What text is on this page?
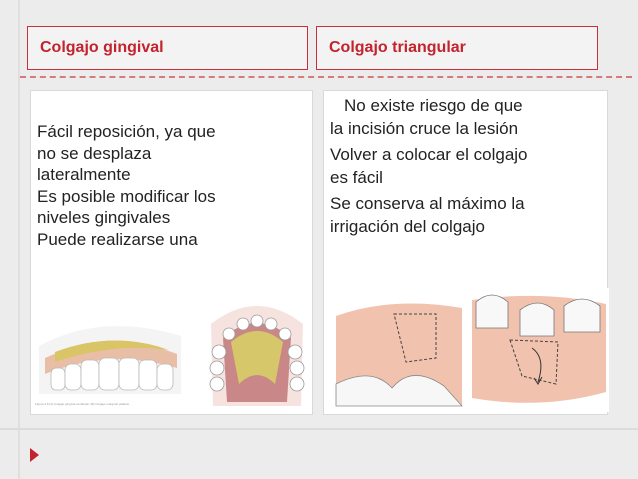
Colgajo gingival	Colgajo triangular
Fácil reposición, ya que
no se desplaza
lateralmente
Es posible modificar los
niveles gingivales
Puede realizarse una
Figura 4.8 (A) Colgajo gingival vestibular. (B) Colgajo marginal palatino.
No existe riesgo de que
la incisión cruce la lesión
Volver a colocar el colgajo
es fácil
Se conserva al máximo la
irrigación del colgajo
